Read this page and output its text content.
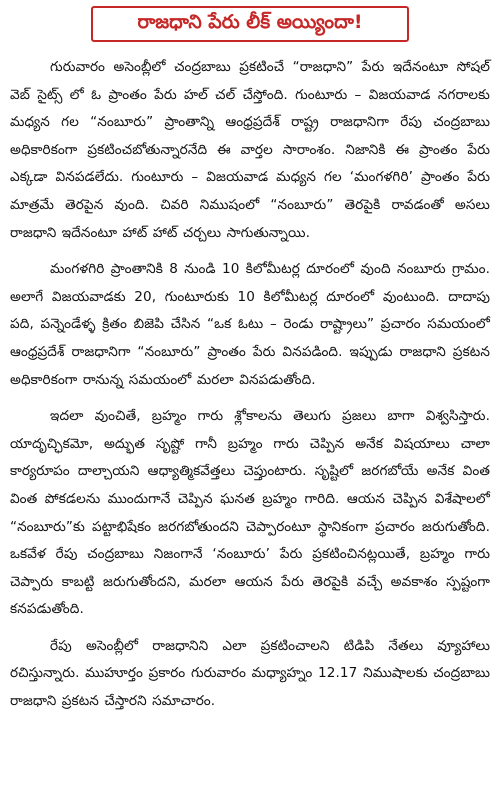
రాజధాని పేరు లీక్ అయ్యిందా!

గురువారం అసెంబ్లీలో చంద్రబాబు ప్రకటించే “రాజధాని” పేరు ఇదేనంటూ సోషల్ వెబ్ సైట్స్ లో ఓ ప్రాంతం పేరు హల్ చల్ చేస్తోంది. గుంటూరు – విజయవాడ నగరాలకు మధ్యన గల “నంబూరు” ప్రాంతాన్ని ఆంధ్రప్రదేశ్ రాష్ట్ర రాజధానిగా రేపు చంద్రబాబు అధికారికంగా ప్రకటించబోతున్నారనేది ఈ వార్తల సారాంశం. నిజానికి ఈ ప్రాంతం పేరు ఎక్కడా వినపడలేదు. గుంటూరు – విజయవాడ మధ్యన గల ‘మంగళగిరి’ ప్రాంతం పేరు మాత్రమే తెరపైన వుంది. చివరి నిముషంలో “నంబూరు” తెరపైకి రావడంతో అసలు రాజధాని ఇదేనంటూ హాట్ హాట్ చర్చలు సాగుతున్నాయి.

మంగళగిరి ప్రాంతానికి 8 నుండి 10 కిలోమీటర్ల దూరంలో వుంది నంబూరు గ్రామం. అలాగే విజయవాడకు 20, గుంటూరుకు 10 కిలోమీటర్ల దూరంలో వుంటుంది. దాదాపు పది, పన్నెండేళ్ళ క్రితం బిజెపి చేసిన “ఒక ఓటు – రెండు రాష్ట్రాలు” ప్రచారం సమయంలో ఆంధ్రప్రదేశ్ రాజధానిగా “నంబూరు” ప్రాంతం పేరు వినపడింది. ఇప్పుడు రాజధాని ప్రకటన అధికారికంగా రానున్న సమయంలో మరలా వినపడుతోంది.

ఇదలా వుంచితే, బ్రహ్మం గారు శ్లోకాలను తెలుగు ప్రజలు బాగా విశ్వసిస్తారు. యాదృచ్ఛికమో, అద్భుత సృష్టో గానీ బ్రహ్మం గారు చెప్పిన అనేక విషయాలు చాలా కార్యరూపం దాల్చాయని ఆధ్యాత్మికవేత్తలు చెప్తుంటారు. సృష్టిలో జరగబోయే అనేక వింత వింత పోకడలను ముందుగానే చెప్పిన ఘనత బ్రహ్మం గారిది. ఆయన చెప్పిన విశేషాలలో “నంబూరు”కు పట్టాభిషేకం జరగబోతుందని చెప్పారంటూ స్థానికంగా ప్రచారం జరుగుతోంది. ఒకవేళ రేపు చంద్రబాబు నిజంగానే ‘నంబూరు’ పేరు ప్రకటించినట్లయితే, బ్రహ్మం గారు చెప్పారు కాబట్టి జరుగుతోందని, మరలా ఆయన పేరు తెరపైకి వచ్చే అవకాశం స్పష్టంగా కనపడుతోంది.

రేపు అసెంబ్లీలో రాజధానిని ఎలా ప్రకటించాలని టిడిపి నేతలు వ్యూహాలు రచిస్తున్నారు. ముహూర్తం ప్రకారం గురువారం మధ్యాహ్నం 12.17 నిముషాలకు చంద్రబాబు రాజధాని ప్రకటన చేస్తారని సమాచారం.
